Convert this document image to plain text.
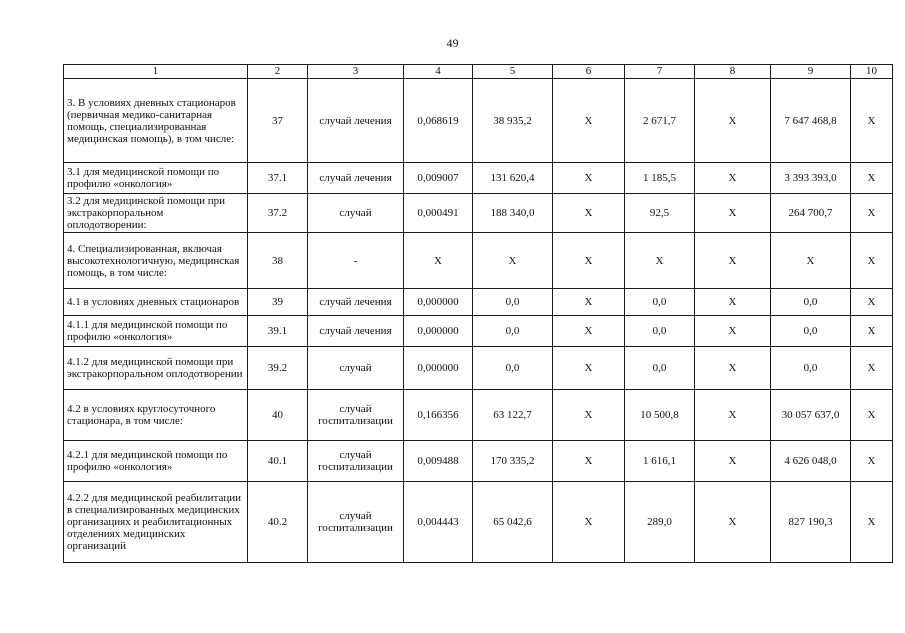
49
1	2	3	4	5	6	7	8	9	10
3. В условиях дневных стационаров (первичная медико-санитарная помощь, специализированная медицинская помощь), в том числе:	37	случай лечения	0,068619	38 935,2	X	2 671,7	X	7 647 468,8	X
3.1 для медицинской помощи по профилю «онкология»	37.1	случай лечения	0,009007	131 620,4	X	1 185,5	X	3 393 393,0	X
3.2 для медицинской помощи при экстракорпоральном оплодотворении:	37.2	случай	0,000491	188 340,0	X	92,5	X	264 700,7	X
4. Специализированная, включая высокотехнологичную, медицинская помощь, в том числе:	38	-	X	X	X	X	X	X	X
4.1 в условиях дневных стационаров	39	случай лечения	0,000000	0,0	X	0,0	X	0,0	X
4.1.1 для медицинской помощи по профилю «онкология»	39.1	случай лечения	0,000000	0,0	X	0,0	X	0,0	X
4.1.2 для медицинской помощи при экстракорпоральном оплодотворении	39.2	случай	0,000000	0,0	X	0,0	X	0,0	X
4.2 в условиях круглосуточного стационара, в том числе:	40	случай госпитализации	0,166356	63 122,7	X	10 500,8	X	30 057 637,0	X
4.2.1 для медицинской помощи по профилю «онкология»	40.1	случай госпитализации	0,009488	170 335,2	X	1 616,1	X	4 626 048,0	X
4.2.2 для медицинской реабилитации в специализированных медицинских организациях и реабилитационных отделениях медицинских организаций	40.2	случай госпитализации	0,004443	65 042,6	X	289,0	X	827 190,3	X
